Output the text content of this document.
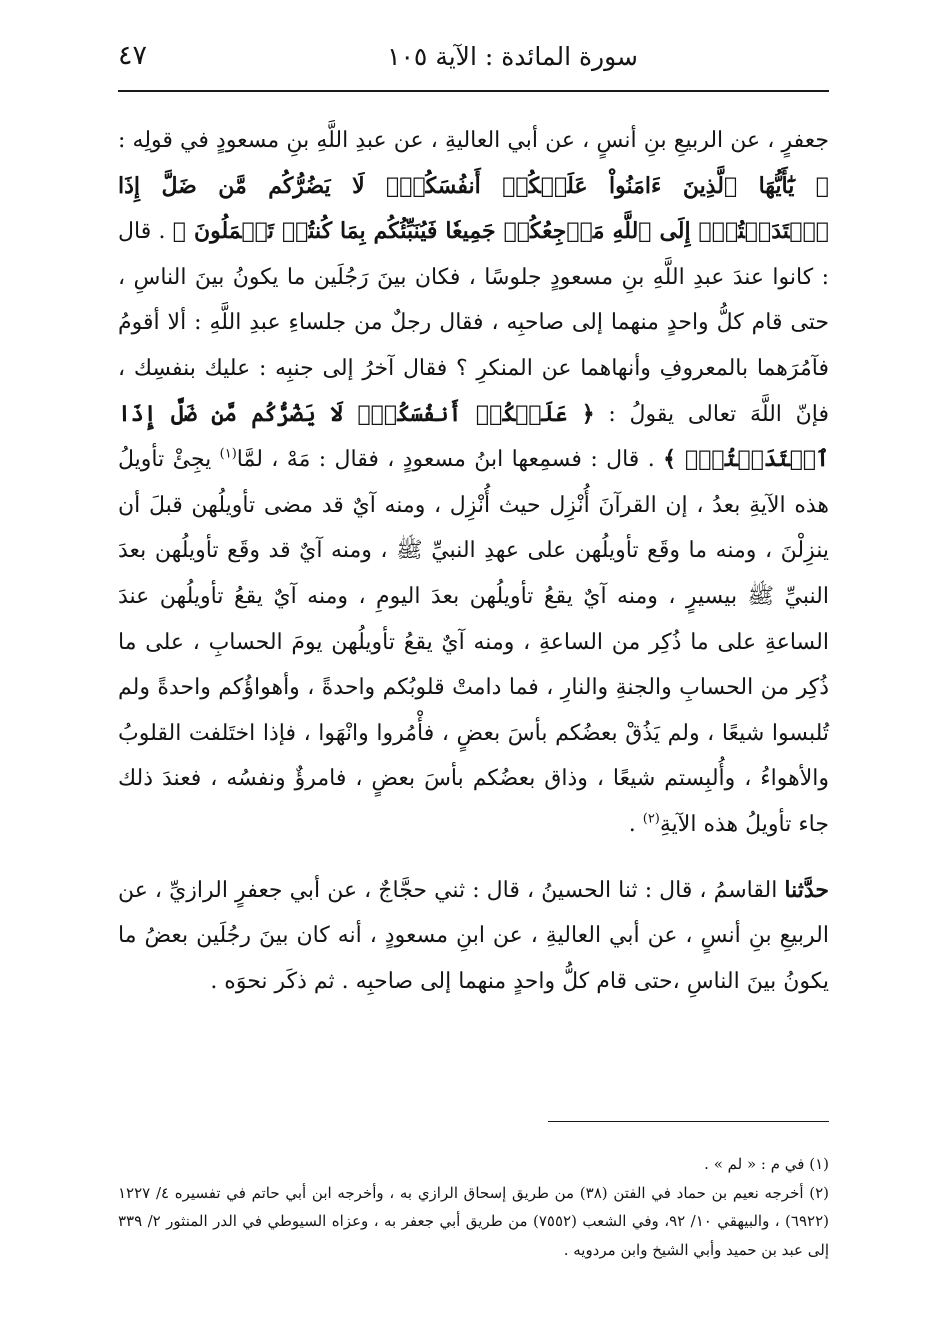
سورة المائدة : الآية ١٠٥
٤٧

جعفرٍ ، عن الربيعِ بنِ أنسٍ ، عن أبي العاليةِ ، عن عبدِ اللَّهِ بنِ مسعودٍ في قولِه : ﴿ يَٰٓأَيُّهَا ٱلَّذِينَ ءَامَنُواْ عَلَيۡكُمۡ أَنفُسَكُمۡۖ لَا يَضُرُّكُم مَّن ضَلَّ إِذَا ٱهۡتَدَيۡتُمۡۚ إِلَى ٱللَّهِ مَرۡجِعُكُمۡ جَمِيعٗا فَيُنَبِّئُكُم بِمَا كُنتُمۡ تَعۡمَلُونَ ﴾ . قال : كانوا عندَ عبدِ اللَّهِ بنِ مسعودٍ جلوسًا ، فكان بينَ رَجُلَين ما يكونُ بينَ الناسِ ، حتى قام كلُّ واحدٍ منهما إلى صاحبِه ، فقال رجلٌ من جلساءِ عبدِ اللَّهِ : ألا أقومُ فآمُرَهما بالمعروفِ وأنهاهما عن المنكرِ ؟ فقال آخرُ إلى جنبِه : عليك بنفسِك ، فإنّ اللَّهَ تعالى يقولُ : ﴿ عَلَيۡكُمۡ أَنفُسَكُمۡۖ لَا يَضُرُّكُم مَّن ضَلَّ إِذَا ٱهۡتَدَيۡتُمۡۚ ﴾ . قال : فسمِعها ابنُ مسعودٍ ، فقال : مَهْ ، لمَّا$^{(١)}$ يجِئْ تأويلُ هذه الآيةِ بعدُ ، إن القرآنَ أُنْزِل حيث أُنْزِل ، ومنه آيٌ قد مضى تأويلُهن قبلَ أن ينزِلْنَ ، ومنه ما وقَع تأويلُهن على عهدِ النبيِّ ﷺ ، ومنه آيٌ قد وقَع تأويلُهن بعدَ النبيِّ ﷺ بيسيرٍ ، ومنه آيٌ يقعُ تأويلُهن بعدَ اليومِ ، ومنه آيٌ يقعُ تأويلُهن عندَ الساعةِ على ما ذُكِر من الساعةِ ، ومنه آيٌ يقعُ تأويلُهن يومَ الحسابِ ، على ما ذُكِر من الحسابِ والجنةِ والنارِ ، فما دامتْ قلوبُكم واحدةً ، وأهواؤُكم واحدةً ولم تُلبسوا شيعًا ، ولم يَذُقْ بعضُكم بأسَ بعضٍ ، فأْمُروا وانْهَوا ، فإذا اختَلفت القلوبُ والأهواءُ ، وأُلبِستم شيعًا ، وذاق بعضُكم بأسَ بعضٍ ، فامرؤٌ ونفسُه ، فعندَ ذلك جاء تأويلُ هذه الآيةِ$^{(٢)}$ .

حدَّثنا القاسمُ ، قال : ثنا الحسينُ ، قال : ثني حجَّاجٌ ، عن أبي جعفرٍ الرازيِّ ، عن الربيعِ بنِ أنسٍ ، عن أبي العاليةِ ، عن ابنِ مسعودٍ ، أنه كان بينَ رجُلَين بعضُ ما يكونُ بينَ الناسِ ،حتى قام كلُّ واحدٍ منهما إلى صاحبِه . ثم ذكَر نحوَه .

(١) في م : « لم » .

(٢) أخرجه نعيم بن حماد في الفتن (٣٨) من طريق إسحاق الرازي به ، وأخرجه ابن أبي حاتم في تفسيره ٤/ ١٢٢٧ (٦٩٢٢) ، والبيهقي ١٠/ ٩٢، وفي الشعب (٧٥٥٢) من طريق أبي جعفر به ، وعزاه السيوطي في الدر المنثور ٢/ ٣٣٩ إلى عبد بن حميد وأبي الشيخ وابن مردويه .
